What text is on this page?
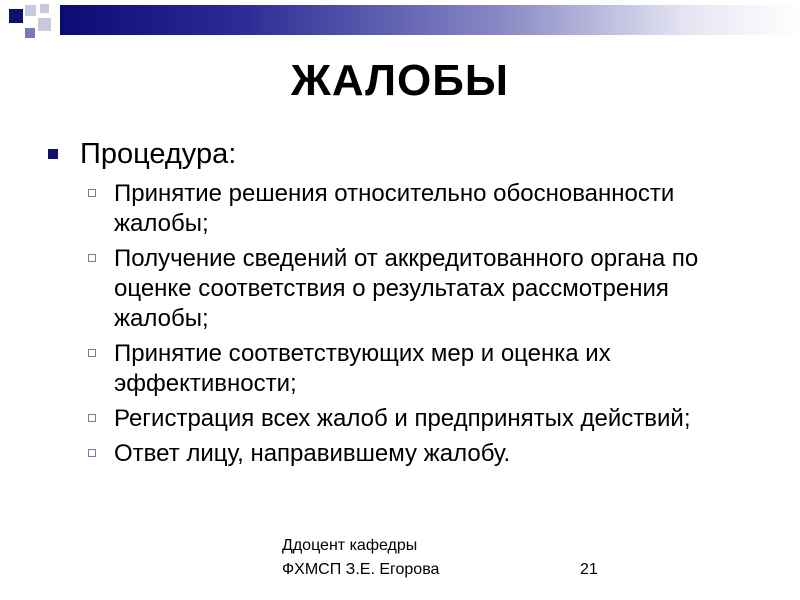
ЖАЛОБЫ
Процедура:
Принятие решения относительно обоснованности жалобы;
Получение сведений от аккредитованного органа по оценке соответствия о результатах рассмотрения жалобы;
Принятие соответствующих мер и оценка их эффективности;
Регистрация всех жалоб и предпринятых действий;
Ответ лицу, направившему жалобу.
Ддоцент кафедры
ФХМСП З.Е. Егорова	21
